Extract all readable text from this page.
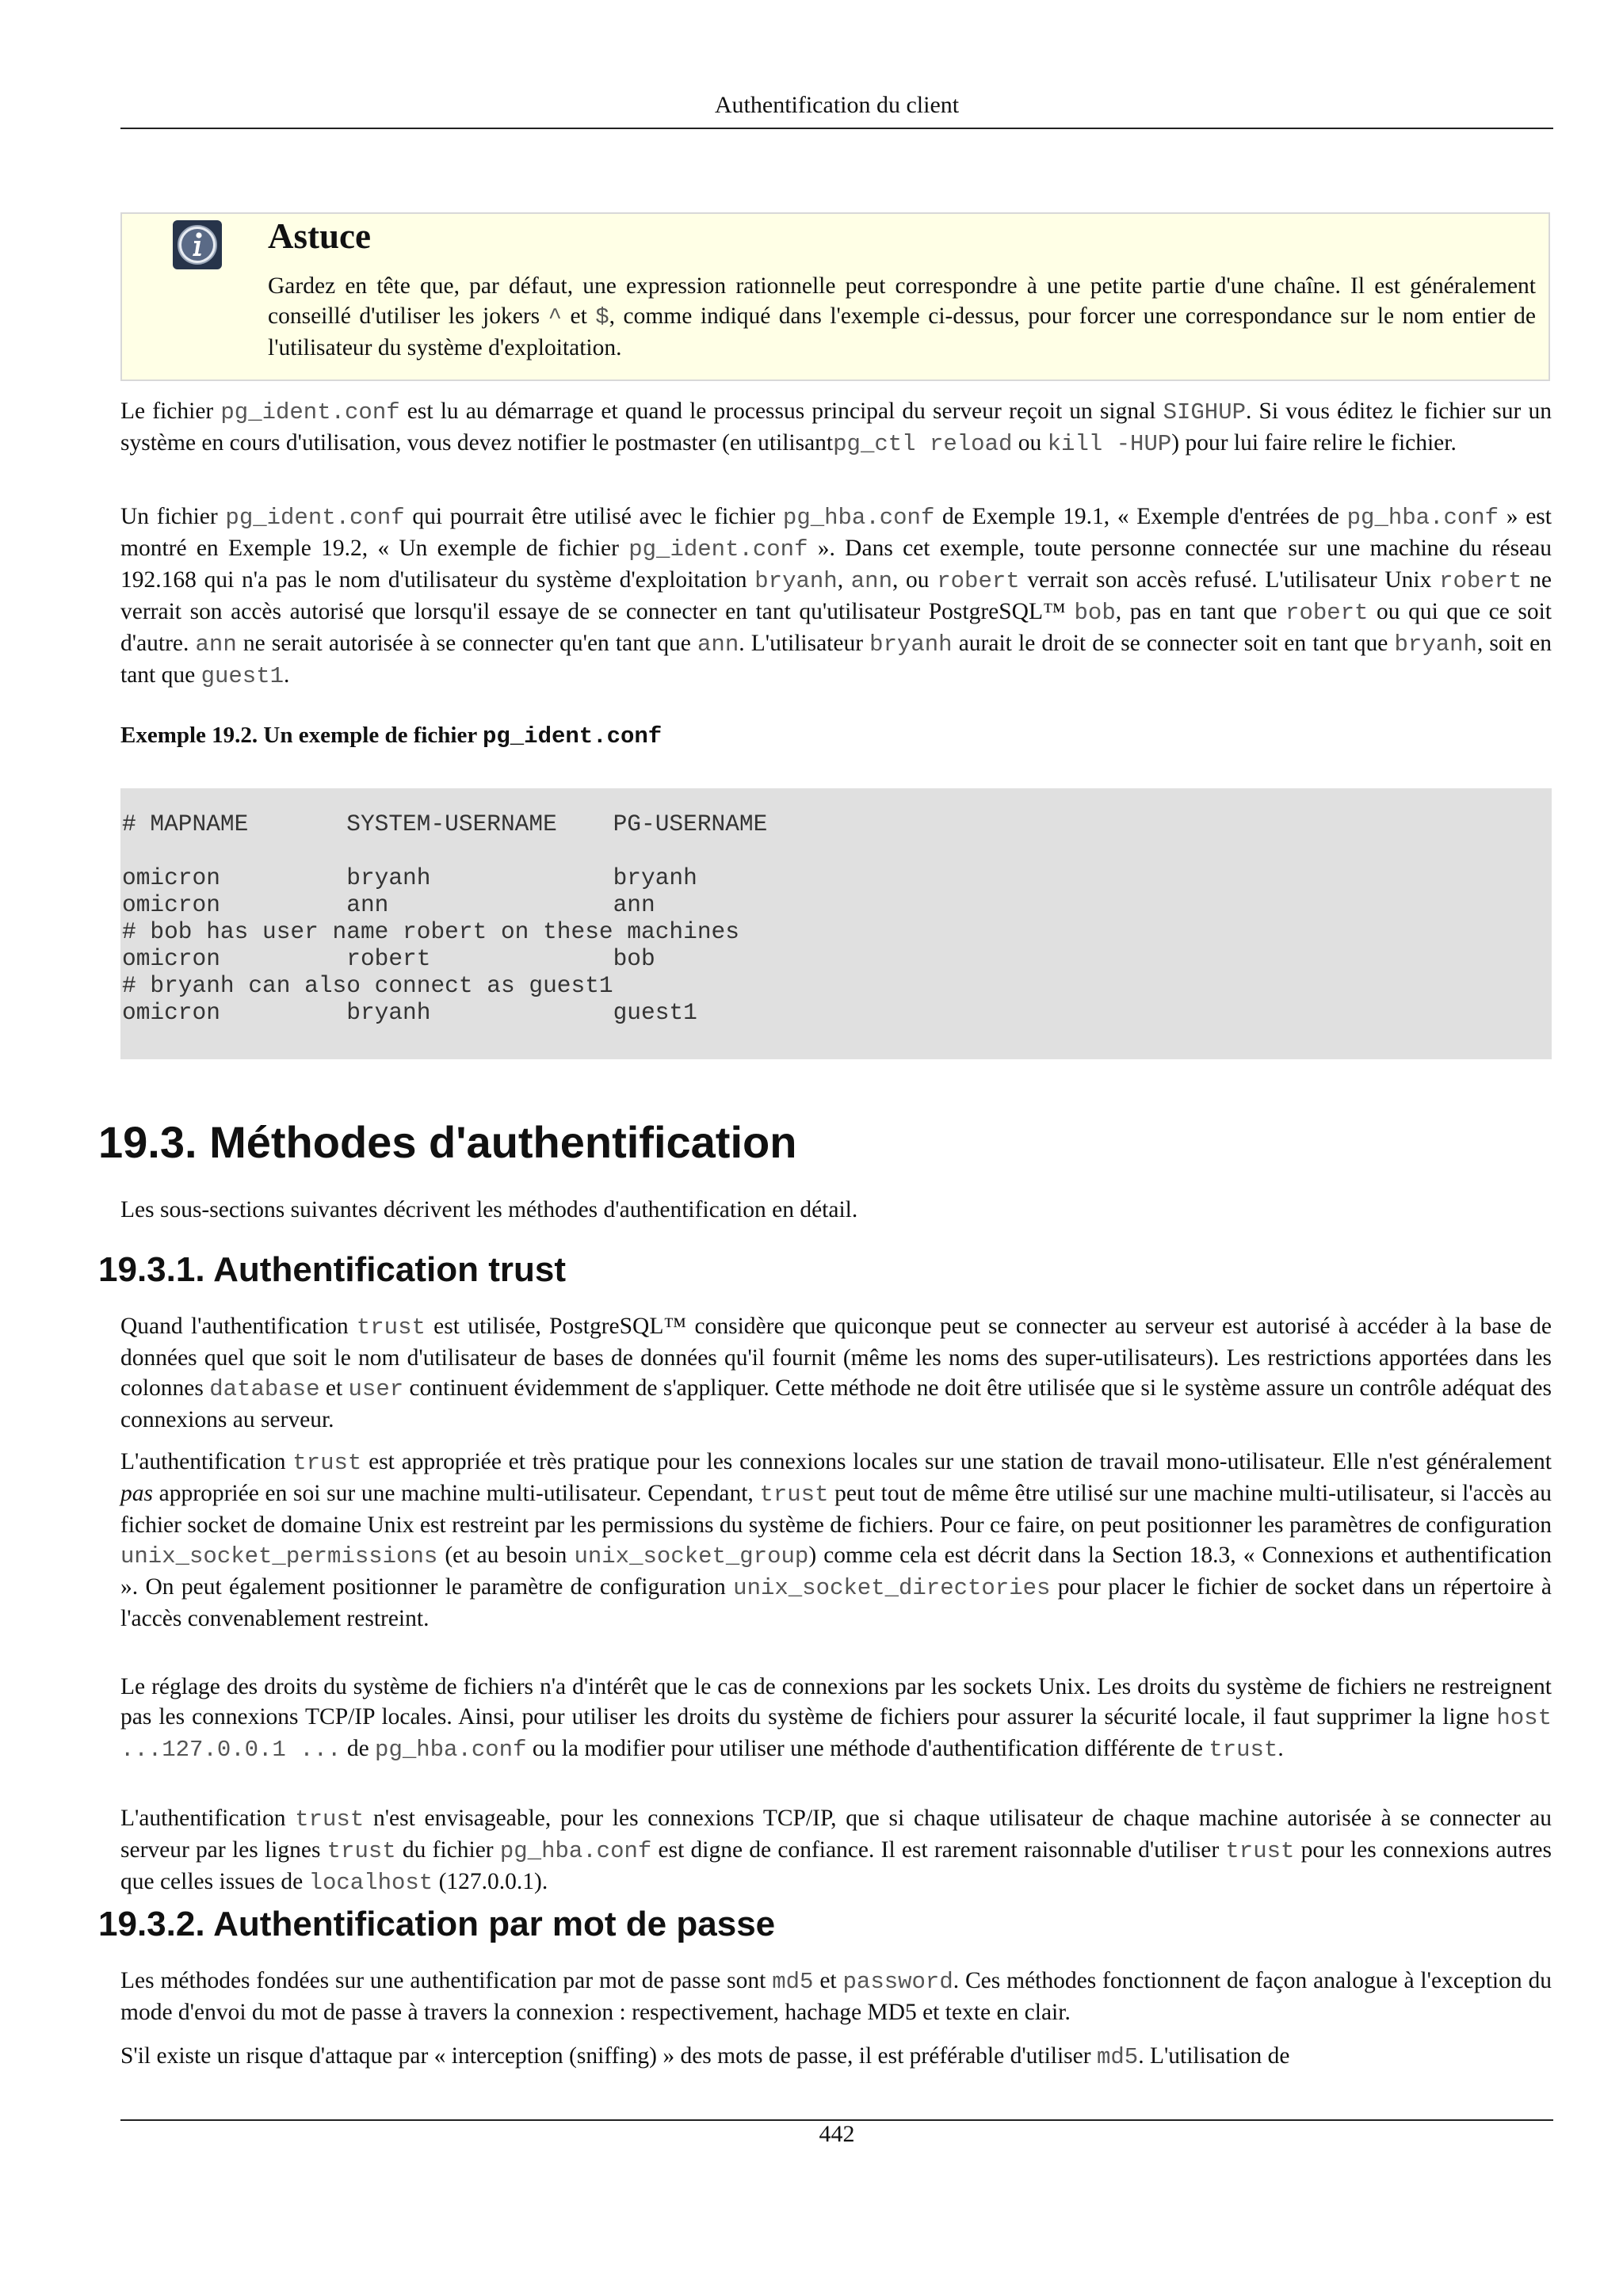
Authentification du client
Astuce
Gardez en tête que, par défaut, une expression rationnelle peut correspondre à une petite partie d'une chaîne. Il est généralement conseillé d'utiliser les jokers ^ et $, comme indiqué dans l'exemple ci-dessus, pour forcer une correspondance sur le nom entier de l'utilisateur du système d'exploitation.
Le fichier pg_ident.conf est lu au démarrage et quand le processus principal du serveur reçoit un signal SIGHUP. Si vous éditez le fichier sur un système en cours d'utilisation, vous devez notifier le postmaster (en utilisantpg_ctl reload ou kill -HUP) pour lui faire relire le fichier.
Un fichier pg_ident.conf qui pourrait être utilisé avec le fichier pg_hba.conf de Exemple 19.1, « Exemple d'entrées de pg_hba.conf » est montré en Exemple 19.2, « Un exemple de fichier pg_ident.conf ». Dans cet exemple, toute personne connectée sur une machine du réseau 192.168 qui n'a pas le nom d'utilisateur du système d'exploitation bryanh, ann, ou robert verrait son accès refusé. L'utilisateur Unix robert ne verrait son accès autorisé que lorsqu'il essaye de se connecter en tant qu'utilisateur PostgreSQL™ bob, pas en tant que robert ou qui que ce soit d'autre. ann ne serait autorisée à se connecter qu'en tant que ann. L'utilisateur bryanh aurait le droit de se connecter soit en tant que bryanh, soit en tant que guest1.
Exemple 19.2. Un exemple de fichier pg_ident.conf
# MAPNAME       SYSTEM-USERNAME    PG-USERNAME

omicron         bryanh             bryanh
omicron         ann                ann
# bob has user name robert on these machines
omicron         robert             bob
# bryanh can also connect as guest1
omicron         bryanh             guest1
19.3. Méthodes d'authentification
Les sous-sections suivantes décrivent les méthodes d'authentification en détail.
19.3.1. Authentification trust
Quand l'authentification trust est utilisée, PostgreSQL™ considère que quiconque peut se connecter au serveur est autorisé à accéder à la base de données quel que soit le nom d'utilisateur de bases de données qu'il fournit (même les noms des super-utilisateurs). Les restrictions apportées dans les colonnes database et user continuent évidemment de s'appliquer. Cette méthode ne doit être utilisée que si le système assure un contrôle adéquat des connexions au serveur.
L'authentification trust est appropriée et très pratique pour les connexions locales sur une station de travail mono-utilisateur. Elle n'est généralement pas appropriée en soi sur une machine multi-utilisateur. Cependant, trust peut tout de même être utilisé sur une machine multi-utilisateur, si l'accès au fichier socket de domaine Unix est restreint par les permissions du système de fichiers. Pour ce faire, on peut positionner les paramètres de configuration unix_socket_permissions (et au besoin unix_socket_group) comme cela est décrit dans la Section 18.3, « Connexions et authentification ». On peut également positionner le paramètre de configuration unix_socket_directories pour placer le fichier de socket dans un répertoire à l'accès convenablement restreint.
Le réglage des droits du système de fichiers n'a d'intérêt que le cas de connexions par les sockets Unix. Les droits du système de fichiers ne restreignent pas les connexions TCP/IP locales. Ainsi, pour utiliser les droits du système de fichiers pour assurer la sécurité locale, il faut supprimer la ligne host ...127.0.0.1 ... de pg_hba.conf ou la modifier pour utiliser une méthode d'authentification différente de trust.
L'authentification trust n'est envisageable, pour les connexions TCP/IP, que si chaque utilisateur de chaque machine autorisée à se connecter au serveur par les lignes trust du fichier pg_hba.conf est digne de confiance. Il est rarement raisonnable d'utiliser trust pour les connexions autres que celles issues de localhost (127.0.0.1).
19.3.2. Authentification par mot de passe
Les méthodes fondées sur une authentification par mot de passe sont md5 et password. Ces méthodes fonctionnent de façon analogue à l'exception du mode d'envoi du mot de passe à travers la connexion : respectivement, hachage MD5 et texte en clair.
S'il existe un risque d'attaque par « interception (sniffing) » des mots de passe, il est préférable d'utiliser md5. L'utilisation de
442
